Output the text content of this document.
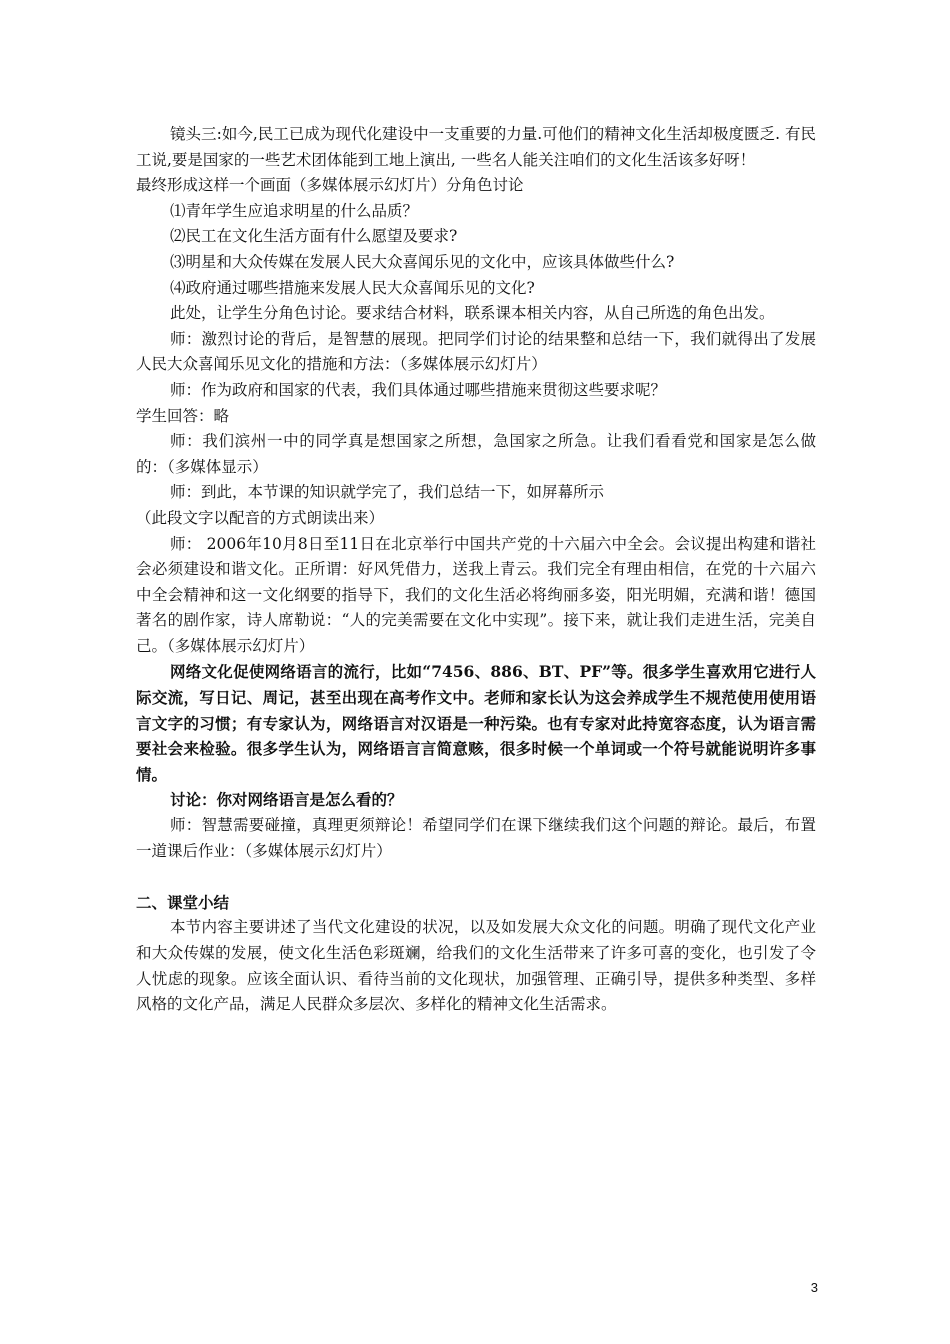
镜头三:如今,民工已成为现代化建设中一支重要的力量.可他们的精神文化生活却极度匮乏. 有民工说,要是国家的一些艺术团体能到工地上演出, 一些名人能关注咱们的文化生活该多好呀！

最终形成这样一个画面（多媒体展示幻灯片）分角色讨论

⑴青年学生应追求明星的什么品质？

⑵民工在文化生活方面有什么愿望及要求?

⑶明星和大众传媒在发展人民大众喜闻乐见的文化中，应该具体做些什么?

⑷政府通过哪些措施来发展人民大众喜闻乐见的文化?

此处，让学生分角色讨论。要求结合材料，联系课本相关内容，从自己所选的角色出发。

师：激烈讨论的背后，是智慧的展现。把同学们讨论的结果整和总结一下，我们就得出了发展人民大众喜闻乐见文化的措施和方法：（多媒体展示幻灯片）

师：作为政府和国家的代表，我们具体通过哪些措施来贯彻这些要求呢？

学生回答：略

师：我们滨州一中的同学真是想国家之所想，急国家之所急。让我们看看党和国家是怎么做的：（多媒体显示）

师：到此，本节课的知识就学完了，我们总结一下，如屏幕所示

（此段文字以配音的方式朗读出来）

师： 2006年10月8日至11日在北京举行中国共产党的十六届六中全会。会议提出构建和谐社会必须建设和谐文化。正所谓：好风凭借力，送我上青云。我们完全有理由相信，在党的十六届六中全会精神和这一文化纲要的指导下，我们的文化生活必将绚丽多姿，阳光明媚，充满和谐！德国著名的剧作家，诗人席勒说：“人的完美需要在文化中实现”。接下来，就让我们走进生活，完美自己。（多媒体展示幻灯片）

网络文化促使网络语言的流行，比如“7456、886、BT、PF”等。很多学生喜欢用它进行人际交流，写日记、周记，甚至出现在高考作文中。老师和家长认为这会养成学生不规范使用使用语言文字的习惯；有专家认为，网络语言对汉语是一种污染。也有专家对此持宽容态度，认为语言需要社会来检验。很多学生认为，网络语言言简意赅，很多时候一个单词或一个符号就能说明许多事情。

讨论：你对网络语言是怎么看的？

师：智慧需要碰撞，真理更须辩论！希望同学们在课下继续我们这个问题的辩论。最后，布置一道课后作业：（多媒体展示幻灯片）

二、课堂小结

本节内容主要讲述了当代文化建设的状况，以及如发展大众文化的问题。明确了现代文化产业和大众传媒的发展，使文化生活色彩斑斓，给我们的文化生活带来了许多可喜的变化，也引发了令人忧虑的现象。应该全面认识、看待当前的文化现状，加强管理、正确引导，提供多种类型、多样风格的文化产品，满足人民群众多层次、多样化的精神文化生活需求。

3
